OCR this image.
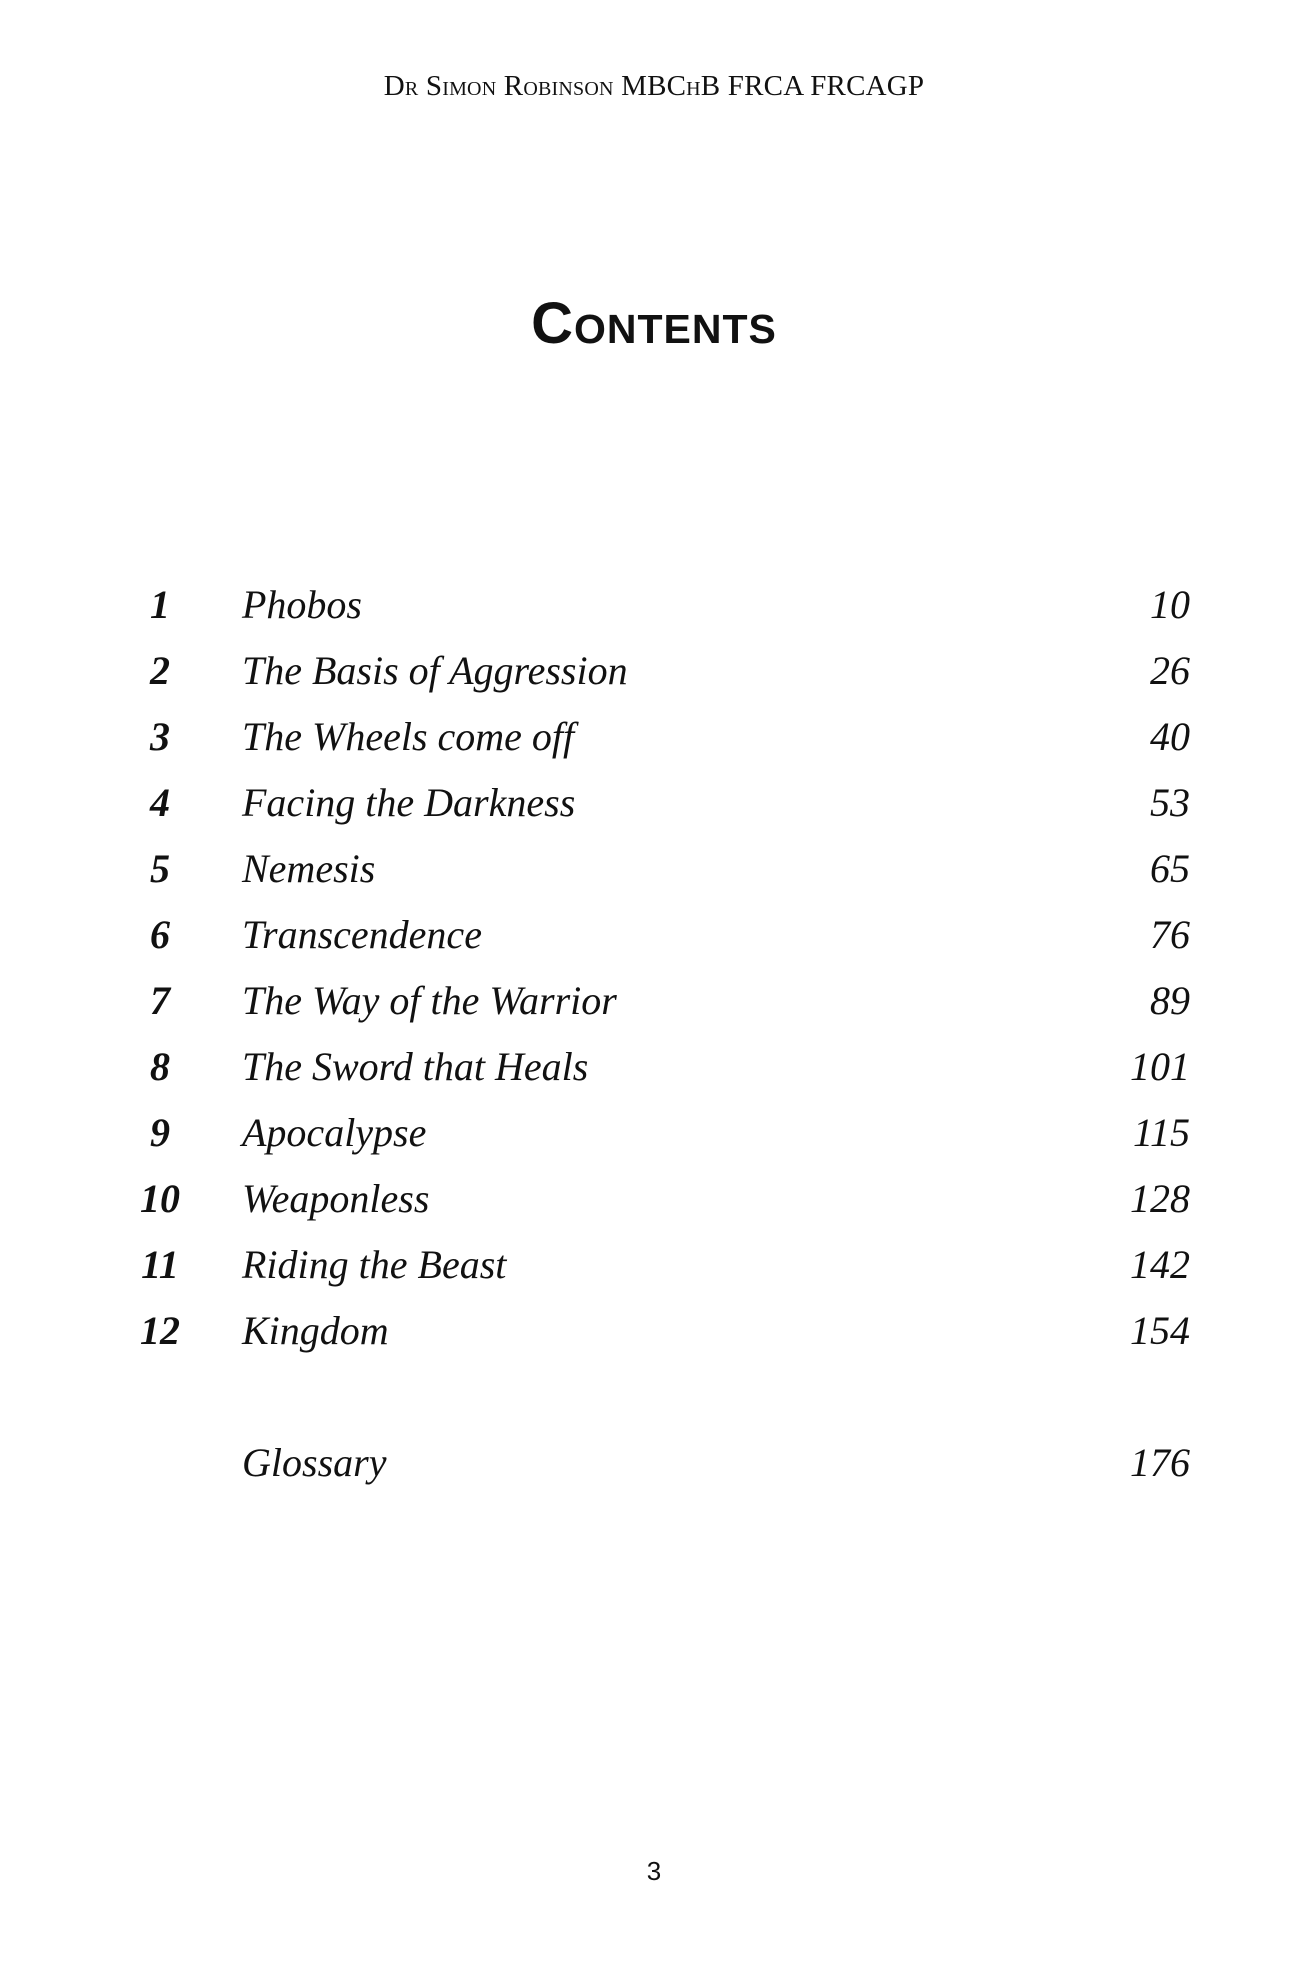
Dr Simon Robinson MBChB FRCA FRCAGP
Contents
1	Phobos	10
2	The Basis of Aggression	26
3	The Wheels come off	40
4	Facing the Darkness	53
5	Nemesis	65
6	Transcendence	76
7	The Way of the Warrior	89
8	The Sword that Heals	101
9	Apocalypse	115
10 Weaponless	128
11 Riding the Beast	142
12 Kingdom	154
Glossary	176
3
